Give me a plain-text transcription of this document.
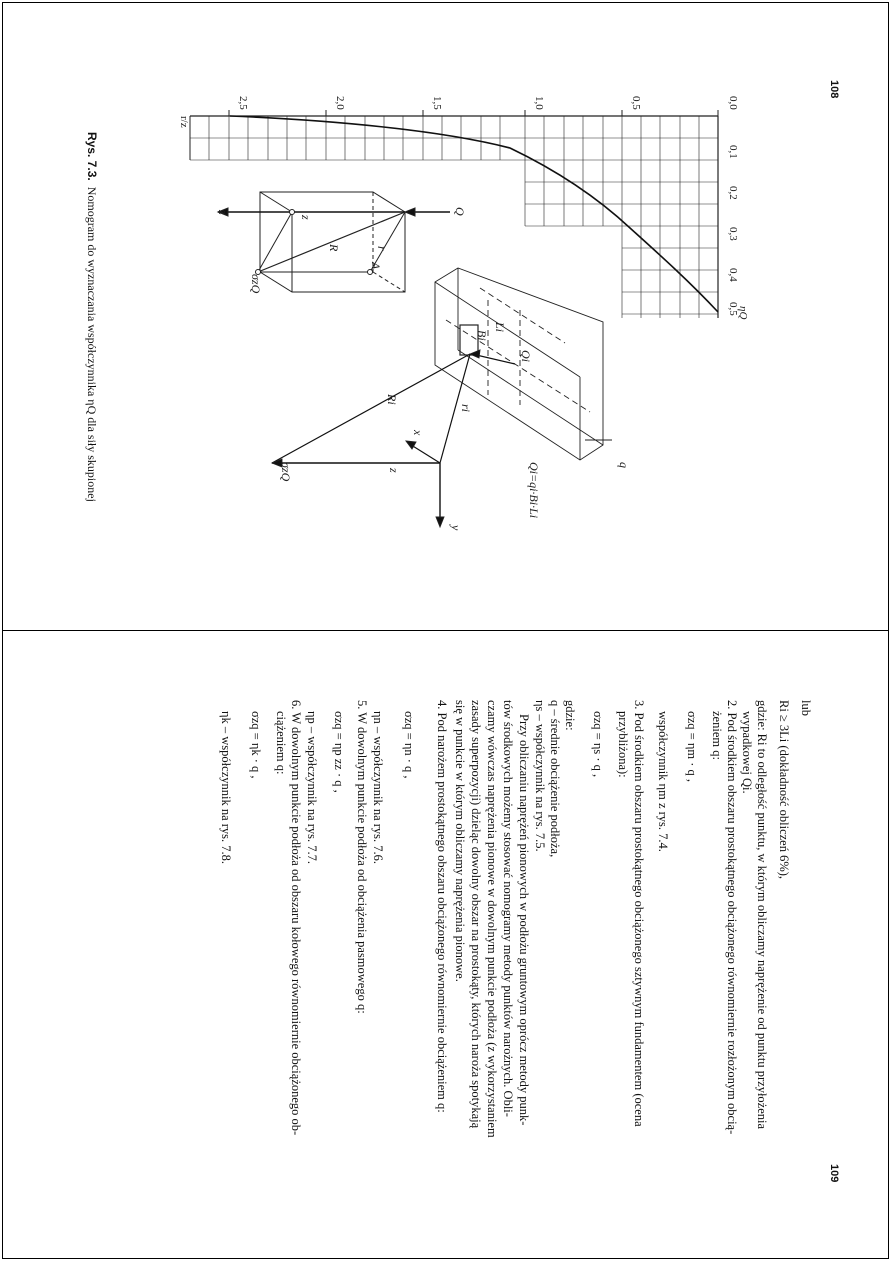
108
Rys. 7.3.  Nomogram do wyznaczania współczynnika ηQ dla siły skupionej
0,0
0,5
1,0
1,5
2,0
2,5
r/z
0,1
0,2
0,3
0,4
0,5
ηQ
Q
r
R
A
z
z
σzQ
q
Qi
Li
Bi
ri
Ri
x
z
y
σzQ	Qi=qi·Bi·Li
109
lub
Ri ≥ 3Li (dokładność obliczeń 6%),
gdzie: Ri to odległość punktu, w którym obliczamy naprężenie od punktu przyłożenia
wypadkowej Qi.
2. Pod środkiem obszaru prostokątnego obciążonego równomiernie rozłożonym obcią-
żeniem q:
σzq = ηm · q ,
współczynnik ηm z rys. 7.4.
3. Pod środkiem obszaru prostokątnego obciążonego sztywnym fundamentem (ocena
przybliżona):
σzq = ηs · q ,
gdzie:
q – średnie obciążenie podłoża,
ηs – współczynnik na rys. 7.5.
Przy obliczaniu naprężeń pionowych w podłożu gruntowym oprócz metody punk-
tów środkowych możemy stosować nomogramy metody punktów narożnych. Obli-
czamy wówczas naprężenia pionowe w dowolnym punkcie podłoża (z wykorzystaniem
zasady superpozycji) dzieląc dowolny obszar na prostokąty, których naroża spotykają
się w punkcie w którym obliczamy naprężenia pionowe.
4. Pod narożem prostokątnego obszaru obciążonego równomiernie obciążeniem q:
σzq = ηn · q ,
ηn – współczynnik na rys. 7.6.
5. W dowolnym punkcie podłoża od obciążenia pasmowego q:
σzq = ηp zz · q ,
ηp – współczynnik na rys. 7.7.
6. W dowolnym punkcie podłoża od obszaru kołowego równomiernie obciążonego ob-
ciążeniem q:
σzq = ηk · q ,
ηk – współczynnik na rys. 7.8.
